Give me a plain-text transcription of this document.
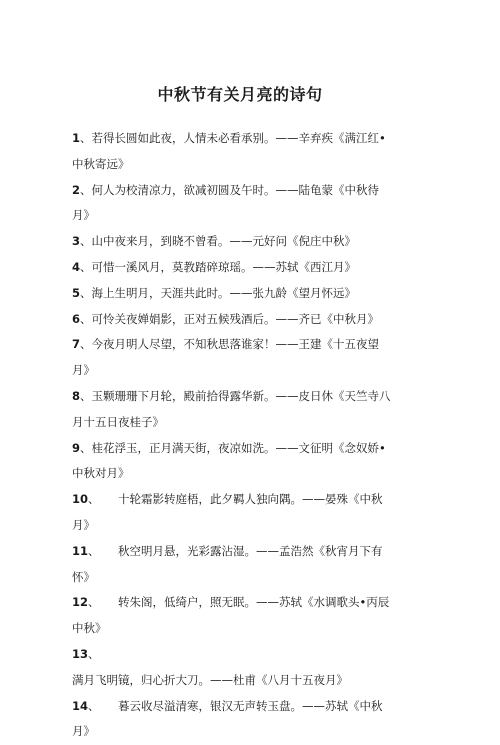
中秋节有关月亮的诗句
1、若得长圆如此夜，人情未必看承别。——辛弃疾《满江红•中秋寄远》
2、何人为校清凉力，欲减初圆及午时。——陆龟蒙《中秋待月》
3、山中夜来月，到晓不曾看。——元好问《倪庄中秋》
4、可惜一溪风月，莫教踏碎琼瑶。——苏轼《西江月》
5、海上生明月，天涯共此时。——张九龄《望月怀远》
6、可怜关夜婵娟影，正对五候残酒后。——齐已《中秋月》
7、今夜月明人尽望，不知秋思落谁家！——王建《十五夜望月》
8、玉颗珊珊下月轮，殿前拾得露华新。——皮日休《天竺寺八月十五日夜桂子》
9、桂花浮玉，正月满天街，夜凉如洗。——文征明《念奴娇•中秋对月》
10、 十轮霜影转庭梧，此夕羁人独向隅。——晏殊《中秋月》
11、 秋空明月悬，光彩露沾湿。——孟浩然《秋宵月下有怀》
12、 转朱阁，低绮户，照无眠。——苏轼《水调歌头•丙辰中秋》
13、满月飞明镜，归心折大刀。——杜甫《八月十五夜月》
14、 暮云收尽溢清寒，银汉无声转玉盘。——苏轼《中秋月》
